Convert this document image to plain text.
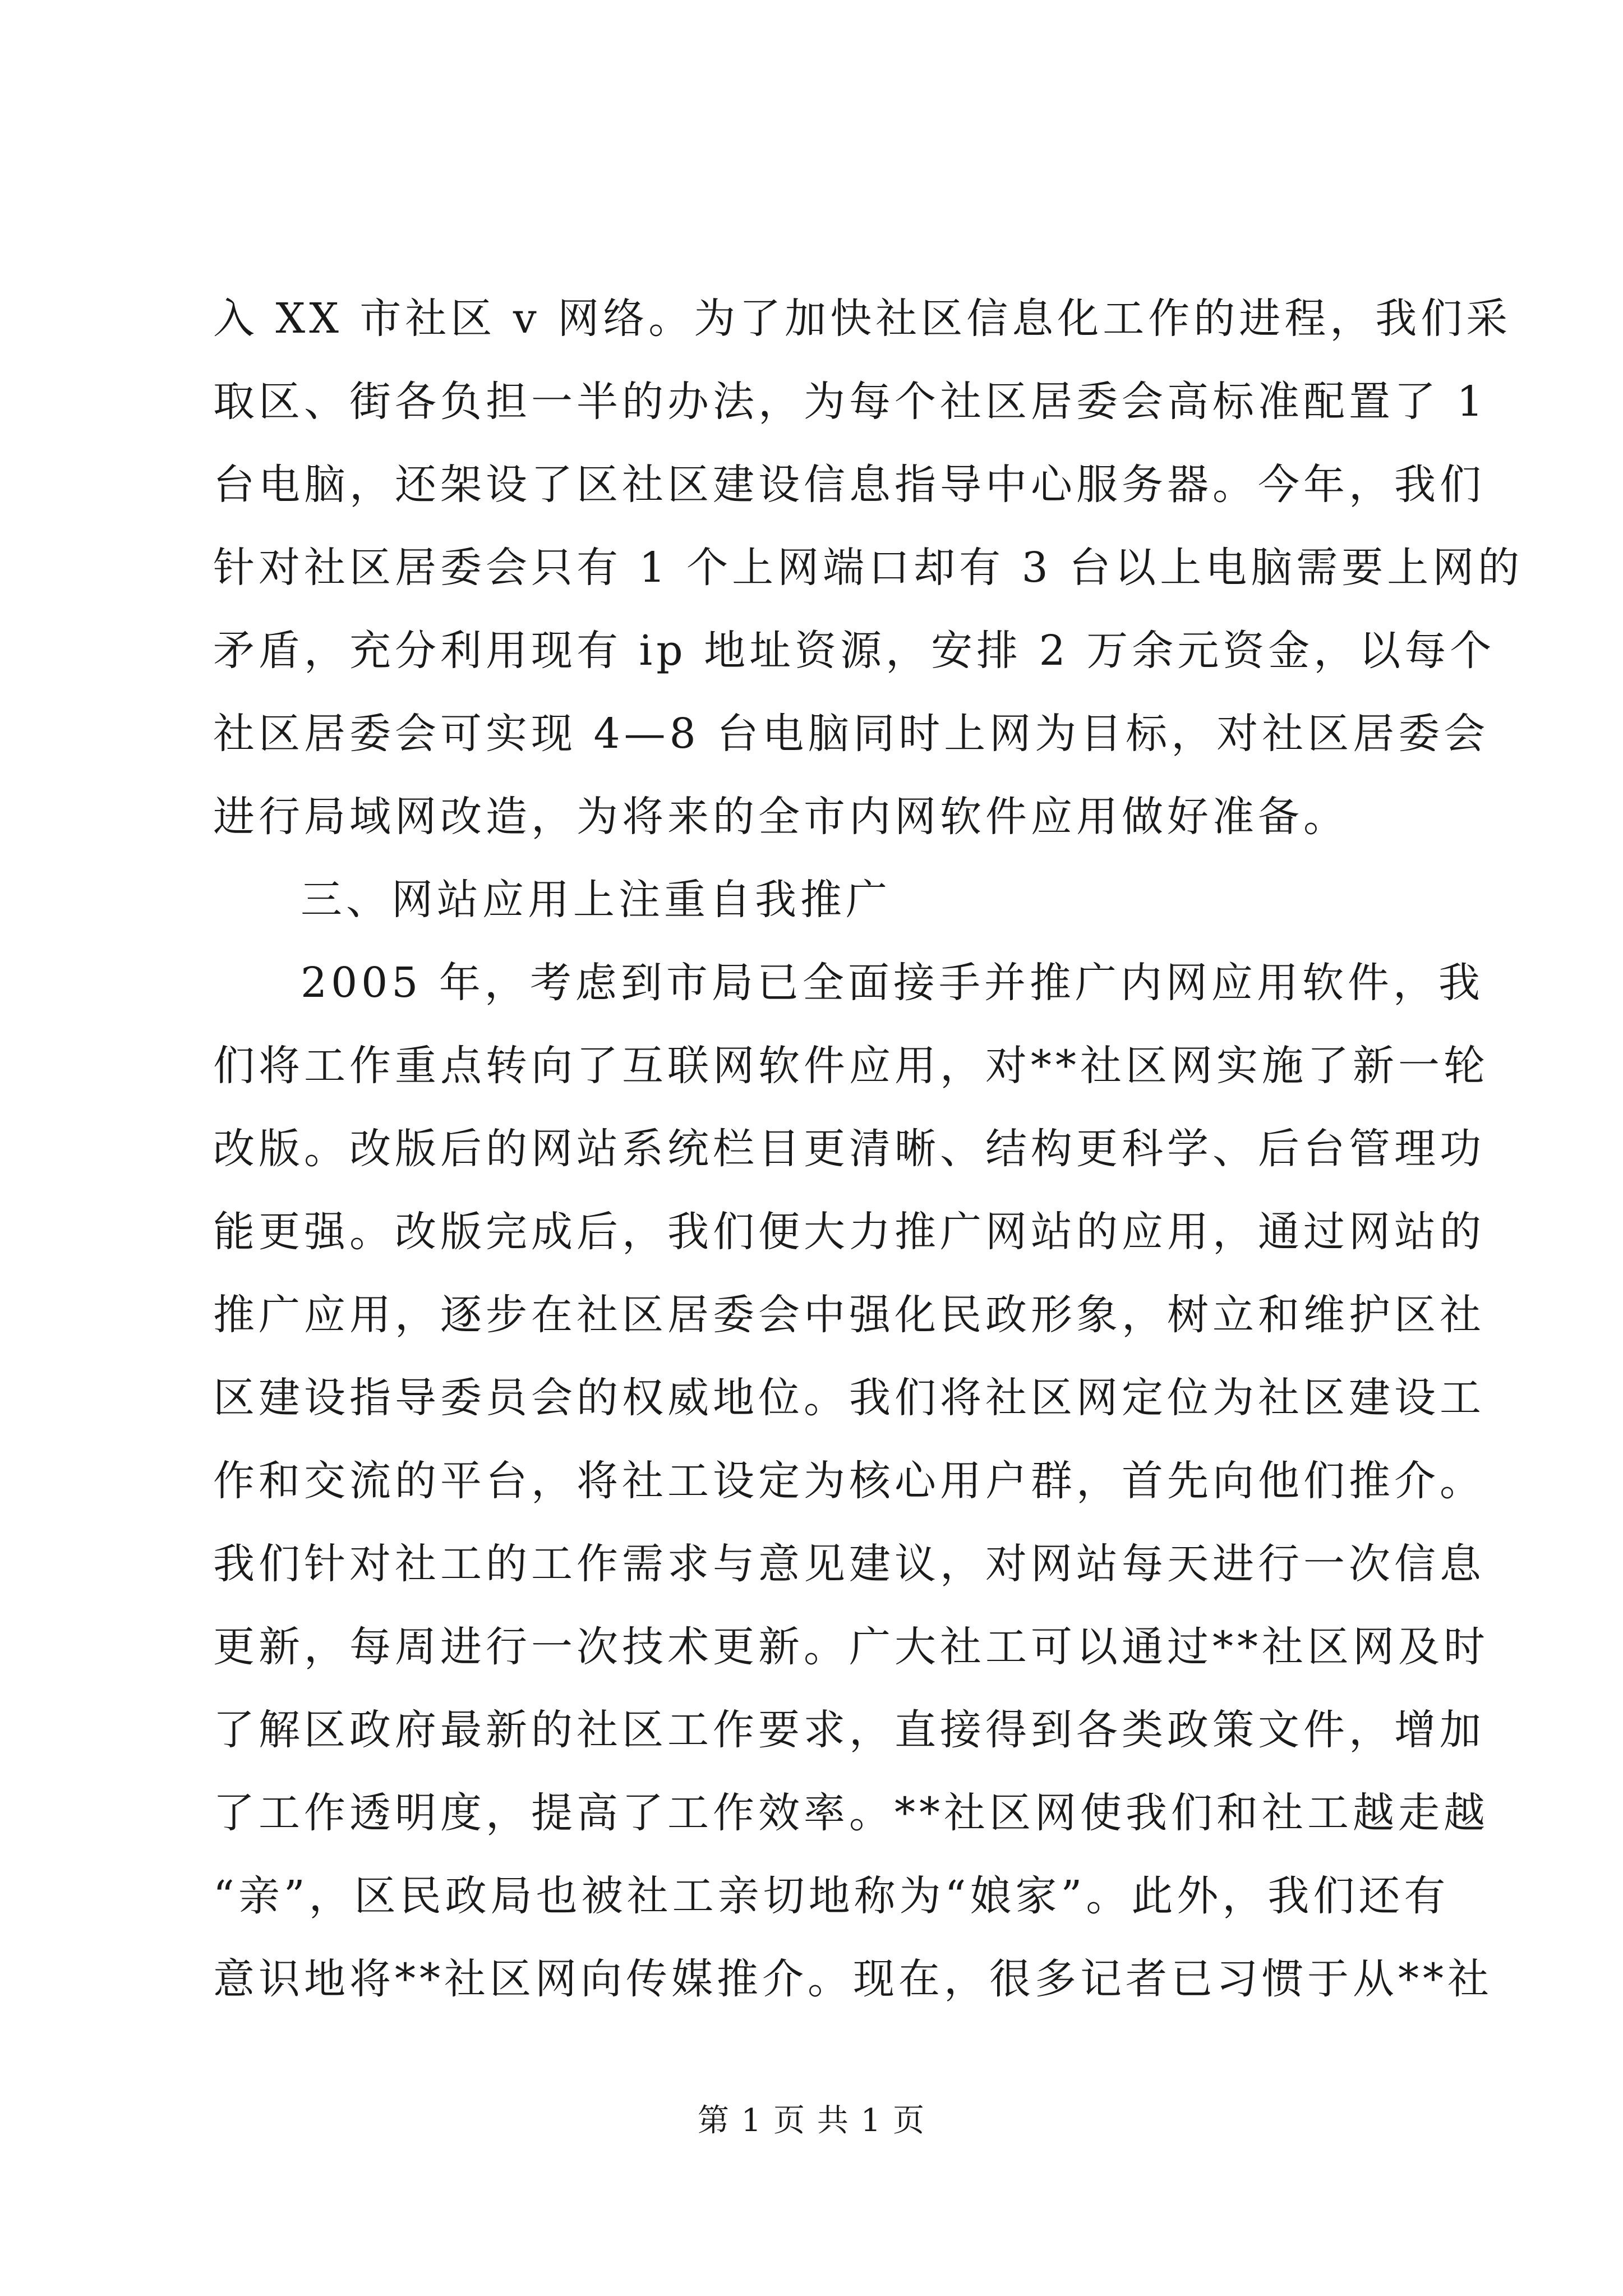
入 XX 市社区 v 网络。为了加快社区信息化工作的进程，我们采
取区、街各负担一半的办法，为每个社区居委会高标准配置了 1
台电脑，还架设了区社区建设信息指导中心服务器。今年，我们
针对社区居委会只有 1 个上网端口却有 3 台以上电脑需要上网的
矛盾，充分利用现有 ip 地址资源，安排 2 万余元资金，以每个
社区居委会可实现 4—8 台电脑同时上网为目标，对社区居委会
进行局域网改造，为将来的全市内网软件应用做好准备。
三、网站应用上注重自我推广
2005 年，考虑到市局已全面接手并推广内网应用软件，我
们将工作重点转向了互联网软件应用，对**社区网实施了新一轮
改版。改版后的网站系统栏目更清晰、结构更科学、后台管理功
能更强。改版完成后，我们便大力推广网站的应用，通过网站的
推广应用，逐步在社区居委会中强化民政形象，树立和维护区社
区建设指导委员会的权威地位。我们将社区网定位为社区建设工
作和交流的平台，将社工设定为核心用户群，首先向他们推介。
我们针对社工的工作需求与意见建议，对网站每天进行一次信息
更新，每周进行一次技术更新。广大社工可以通过**社区网及时
了解区政府最新的社区工作要求，直接得到各类政策文件，增加
了工作透明度，提高了工作效率。**社区网使我们和社工越走越
“亲”，区民政局也被社工亲切地称为“娘家”。此外，我们还有
意识地将**社区网向传媒推介。现在，很多记者已习惯于从**社
第 1 页 共 1 页
